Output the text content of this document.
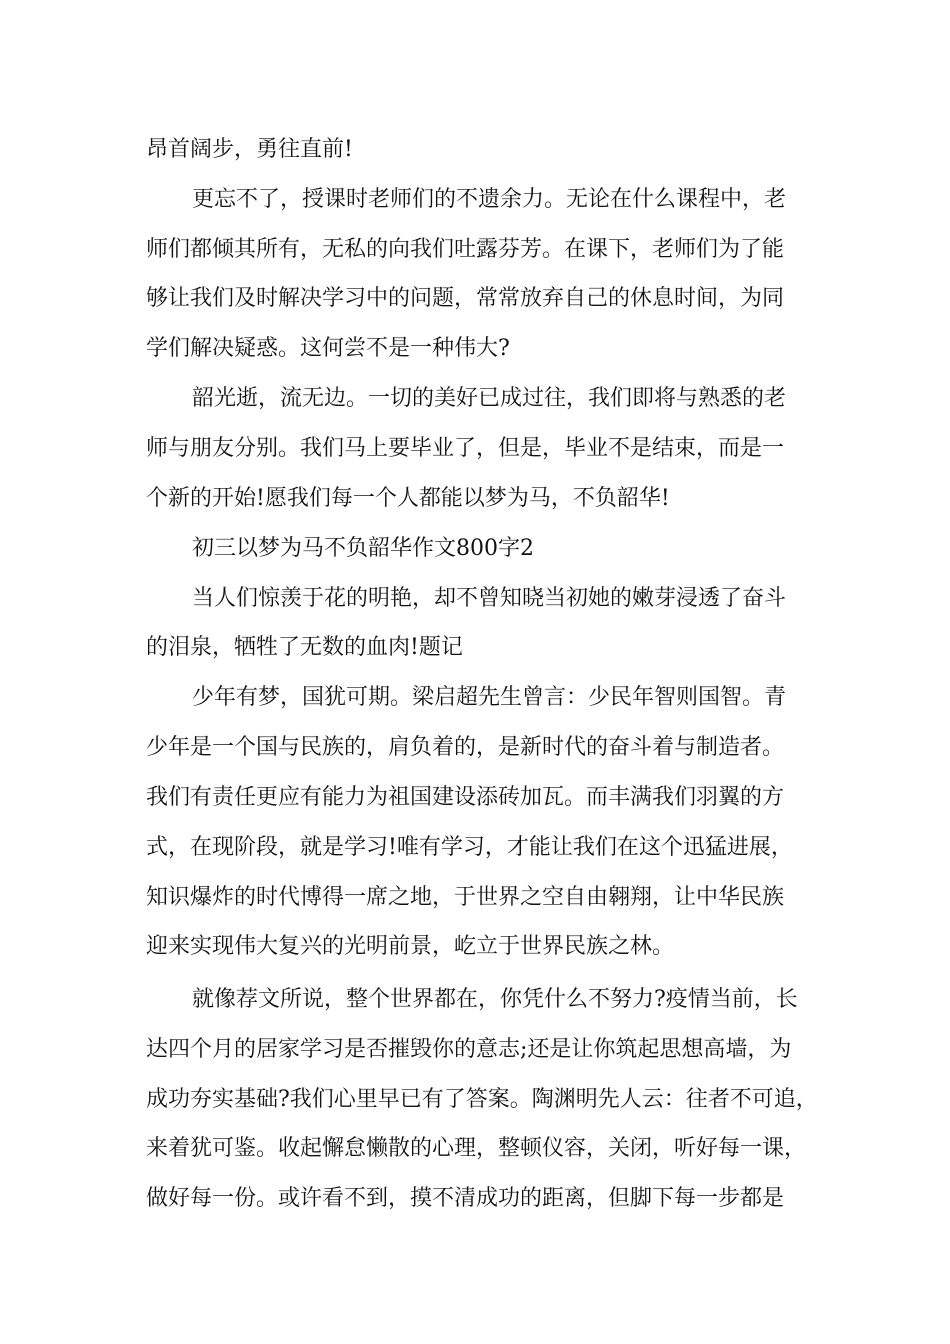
昂首阔步，勇往直前!
更忘不了，授课时老师们的不遗余力。无论在什么课程中，老
师们都倾其所有，无私的向我们吐露芬芳。在课下，老师们为了能
够让我们及时解决学习中的问题，常常放弃自己的休息时间，为同
学们解决疑惑。这何尝不是一种伟大?
韶光逝，流无边。一切的美好已成过往，我们即将与熟悉的老
师与朋友分别。我们马上要毕业了，但是，毕业不是结束，而是一
个新的开始!愿我们每一个人都能以梦为马，不负韶华!
初三以梦为马不负韶华作文800字2
当人们惊羡于花的明艳，却不曾知晓当初她的嫩芽浸透了奋斗
的泪泉，牺牲了无数的血肉!题记
少年有梦，国犹可期。梁启超先生曾言：少民年智则国智。青
少年是一个国与民族的，肩负着的，是新时代的奋斗着与制造者。
我们有责任更应有能力为祖国建设添砖加瓦。而丰满我们羽翼的方
式，在现阶段，就是学习!唯有学习，才能让我们在这个迅猛进展，
知识爆炸的时代博得一席之地，于世界之空自由翱翔，让中华民族
迎来实现伟大复兴的光明前景，屹立于世界民族之林。
就像荐文所说，整个世界都在，你凭什么不努力?疫情当前，长
达四个月的居家学习是否摧毁你的意志;还是让你筑起思想高墙，为
成功夯实基础?我们心里早已有了答案。陶渊明先人云：往者不可追，
来着犹可鉴。收起懈怠懒散的心理，整顿仪容，关闭，听好每一课，
做好每一份。或许看不到，摸不清成功的距离，但脚下每一步都是
